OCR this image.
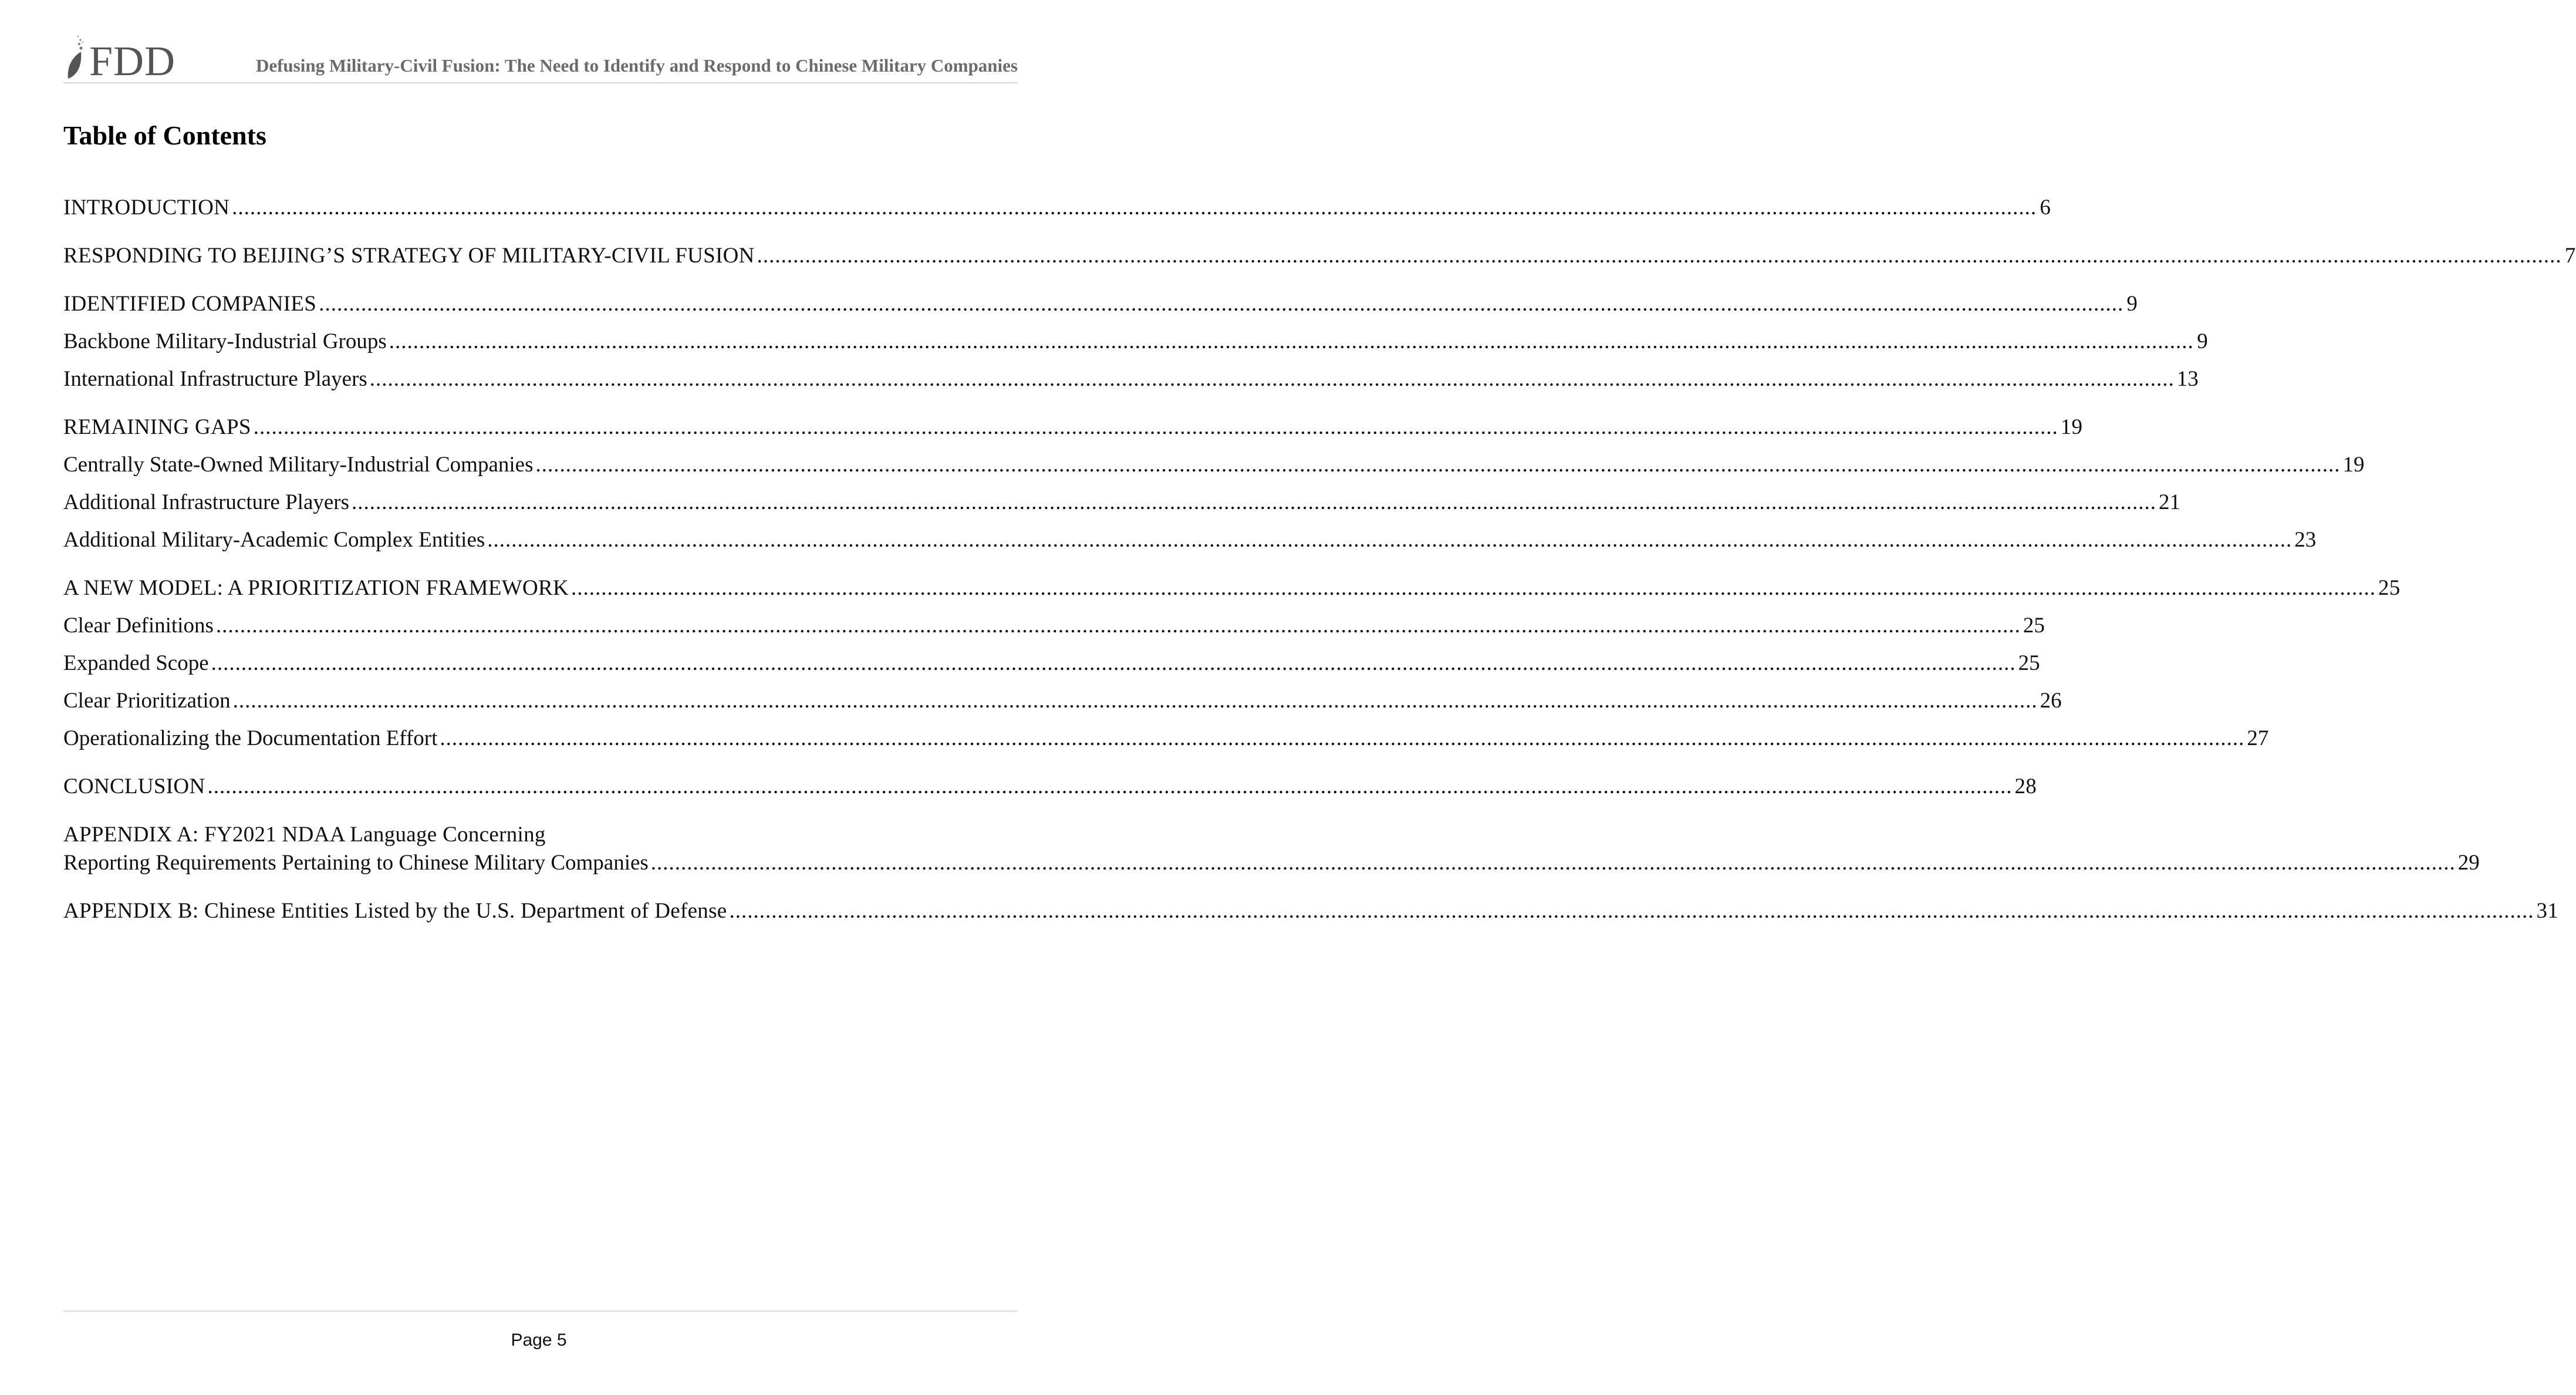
FDD	Defusing Military-Civil Fusion: The Need to Identify and Respond to Chinese Military Companies
Table of Contents
INTRODUCTION ............................................................................................................................................................................................................................................................................................................ 6
RESPONDING TO BEIJING’S STRATEGY OF MILITARY-CIVIL FUSION ............................................................................................................................................................................................................................................................................................................ 7
IDENTIFIED COMPANIES ............................................................................................................................................................................................................................................................................................................ 9
Backbone Military-Industrial Groups ............................................................................................................................................................................................................................................................................................................ 9
International Infrastructure Players ............................................................................................................................................................................................................................................................................................................ 13
REMAINING GAPS ............................................................................................................................................................................................................................................................................................................ 19
Centrally State-Owned Military-Industrial Companies ............................................................................................................................................................................................................................................................................................................ 19
Additional Infrastructure Players ............................................................................................................................................................................................................................................................................................................ 21
Additional Military-Academic Complex Entities ............................................................................................................................................................................................................................................................................................................ 23
A NEW MODEL: A PRIORITIZATION FRAMEWORK ............................................................................................................................................................................................................................................................................................................ 25
Clear Definitions ............................................................................................................................................................................................................................................................................................................ 25
Expanded Scope ............................................................................................................................................................................................................................................................................................................ 25
Clear Prioritization ............................................................................................................................................................................................................................................................................................................ 26
Operationalizing the Documentation Effort ............................................................................................................................................................................................................................................................................................................ 27
CONCLUSION ............................................................................................................................................................................................................................................................................................................ 28
APPENDIX A: FY2021 NDAA Language Concerning
Reporting Requirements Pertaining to Chinese Military Companies ............................................................................................................................................................................................................................................................................................................ 29
APPENDIX B: Chinese Entities Listed by the U.S. Department of Defense ............................................................................................................................................................................................................................................................................................................ 31
Page 5
